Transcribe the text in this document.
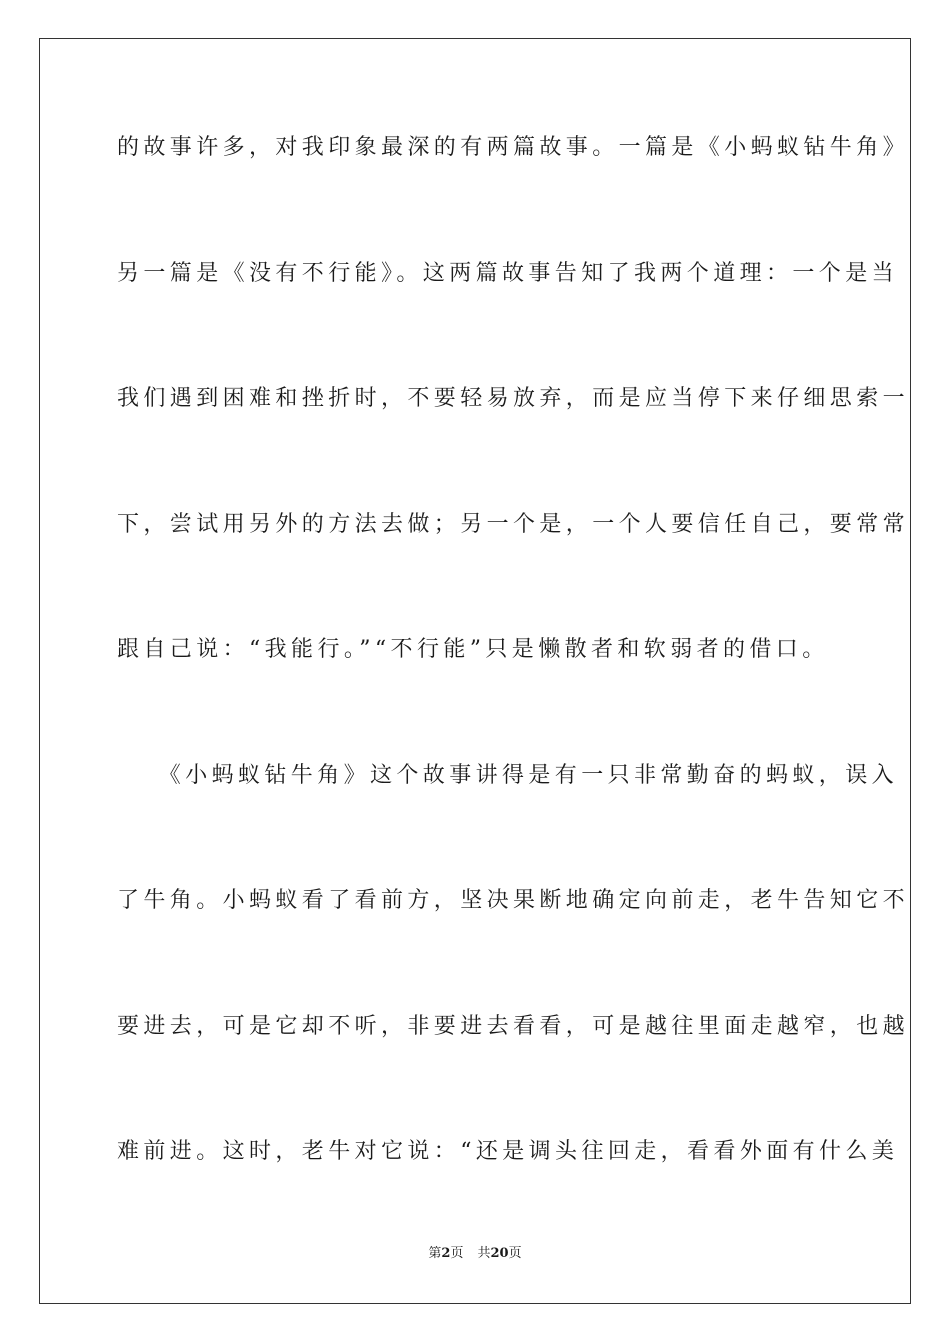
的故事许多，对我印象最深的有两篇故事。一篇是《小蚂蚁钻牛角》
另一篇是《没有不行能》。这两篇故事告知了我两个道理：一个是当
我们遇到困难和挫折时，不要轻易放弃，而是应当停下来仔细思索一
下，尝试用另外的方法去做；另一个是，一个人要信任自己，要常常
跟自己说：“我能行。”“不行能”只是懒散者和软弱者的借口。
　　《小蚂蚁钻牛角》这个故事讲得是有一只非常勤奋的蚂蚁，误入
了牛角。小蚂蚁看了看前方，坚决果断地确定向前走，老牛告知它不
要进去，可是它却不听，非要进去看看，可是越往里面走越窄，也越
难前进。这时，老牛对它说：“还是调头往回走，看看外面有什么美
第2页 共20页
